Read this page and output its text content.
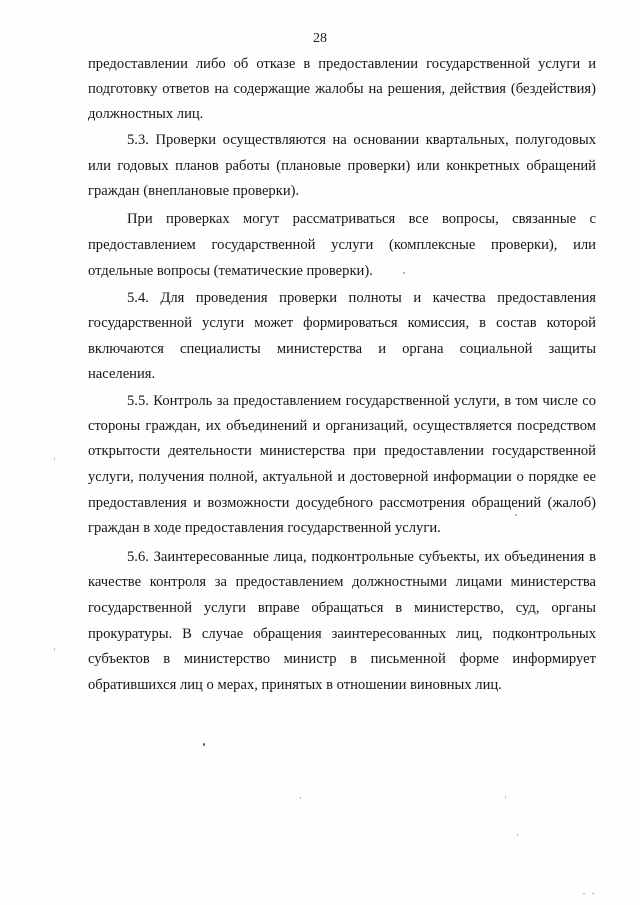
28
предоставлении либо об отказе в предоставлении государственной услуги и
подготовку ответов на содержащие жалобы на решения, действия (бездействия)
должностных лиц.
5.3. Проверки осуществляются на основании квартальных, полугодовых
или годовых планов работы (плановые проверки) или конкретных обращений
граждан (внеплановые проверки).
При проверках могут рассматриваться все вопросы, связанные с
предоставлением государственной услуги (комплексные проверки), или
отдельные вопросы (тематические проверки).
5.4. Для проведения проверки полноты и качества предоставления
государственной услуги может формироваться комиссия, в состав которой
включаются специалисты министерства и органа социальной защиты
населения.
5.5. Контроль за предоставлением государственной услуги, в том числе со
стороны граждан, их объединений и организаций, осуществляется посредством
открытости деятельности министерства при предоставлении государственной
услуги, получения полной, актуальной и достоверной информации о порядке ее
предоставления и возможности досудебного рассмотрения обращений (жалоб)
граждан в ходе предоставления государственной услуги.
5.6. Заинтересованные лица, подконтрольные субъекты, их объединения в
качестве контроля за предоставлением должностными лицами министерства
государственной услуги вправе обращаться в министерство, суд, органы
прокуратуры. В случае обращения заинтересованных лиц, подконтрольных
субъектов в министерство министр в письменной форме информирует
обратившихся лиц о мерах, принятых в отношении виновных лиц.
